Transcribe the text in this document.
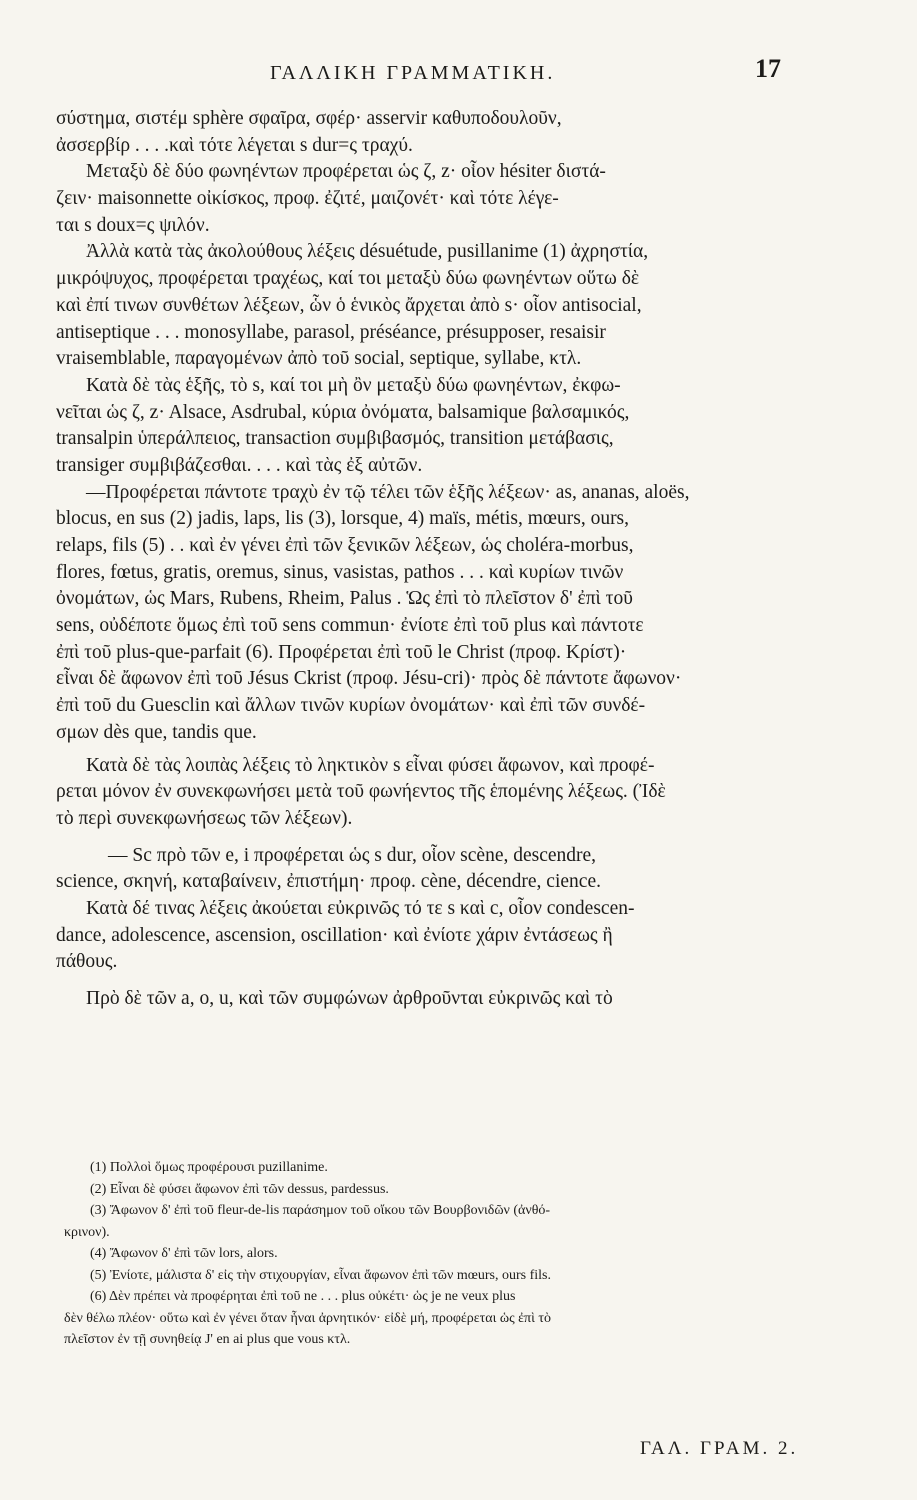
ΓΑΛΛΙΚΗ ΓΡΑΜΜΑΤΙΚΗ.	17
σύστημα, σιστέμ sphère σφαῖρα, σφέρ· asservir καθυποδουλοῦν,
ἀσσερβίρ . . . .καὶ τότε λέγεται s dur=ς τραχύ.
Μεταξὺ δὲ δύο φωνηέντων προφέρεται ὡς ζ, z· οἷον hésiter διστά-
ζειν· maisonnette οἰκίσκος, προφ. ἐζιτέ, μαιζονέτ· καὶ τότε λέγε-
ται s doux=ς ψιλόν.
Ἀλλὰ κατὰ τὰς ἀκολούθους λέξεις désuétude, pusillanime (1) ἀχρηστία,
μικρόψυχος, προφέρεται τραχέως, καί τοι μεταξὺ δύω φωνηέντων οὕτω δὲ
καὶ ἐπί τινων συνθέτων λέξεων, ὧν ὁ ἑνικὸς ἄρχεται ἀπὸ s· οἷον antisocial,
antiseptique . . . monosyllabe, parasol, préséance, présupposer, resaisir
vraisemblable, παραγομένων ἀπὸ τοῦ social, septique, syllabe, κτλ.
Κατὰ δὲ τὰς ἑξῆς, τὸ s, καί τοι μὴ ὂν μεταξὺ δύω φωνηέντων, ἐκφω-
νεῖται ὡς ζ, z· Alsace, Asdrubal, κύρια ὀνόματα, balsamique βαλσαμικός,
transalpin ὑπεράλπειος, transaction συμβιβασμός, transition μετάβασις,
transiger συμβιβάζεσθαι. . . . καὶ τὰς ἐξ αὐτῶν.
—Προφέρεται πάντοτε τραχὺ ἐν τῷ τέλει τῶν ἑξῆς λέξεων· as, ananas, aloës,
blocus, en sus (2) jadis, laps, lis (3), lorsque, 4) maïs, métis, mœurs, ours,
relaps, fils (5) . . καὶ ἐν γένει ἐπὶ τῶν ξενικῶν λέξεων, ὡς choléra-morbus,
flores, fœtus, gratis, oremus, sinus, vasistas, pathos . . . καὶ κυρίων τινῶν
ὀνομάτων, ὡς Mars, Rubens, Rheim, Palus . Ὡς ἐπὶ τὸ πλεῖστον δ' ἐπὶ τοῦ
sens, οὐδέποτε ὅμως ἐπὶ τοῦ sens commun· ἐνίοτε ἐπὶ τοῦ plus καὶ πάντοτε
ἐπὶ τοῦ plus-que-parfait (6). Προφέρεται ἐπὶ τοῦ le Christ (προφ. Κρίστ)·
εἶναι δὲ ἄφωνον ἐπὶ τοῦ Jésus Ckrist (προφ. Jésu-cri)· πρὸς δὲ πάντοτε ἄφωνον·
ἐπὶ τοῦ du Guesclin καὶ ἄλλων τινῶν κυρίων ὀνομάτων· καὶ ἐπὶ τῶν συνδέ-
σμων dès que, tandis que.
Κατὰ δὲ τὰς λοιπὰς λέξεις τὸ ληκτικὸν s εἶναι φύσει ἄφωνον, καὶ προφέ-
ρεται μόνον ἐν συνεκφωνήσει μετὰ τοῦ φωνήεντος τῆς ἑπομένης λέξεως. (Ἰδὲ
τὸ περὶ συνεκφωνήσεως τῶν λέξεων).
— Sc πρὸ τῶν e, i προφέρεται ὡς s dur, οἷον scène, descendre,
science, σκηνή, καταβαίνειν, ἐπιστήμη· προφ. cène, décendre, cience.
Κατὰ δέ τινας λέξεις ἀκούεται εὐκρινῶς τό τε s καὶ c, οἷον condescen-
dance, adolescence, ascension, oscillation· καὶ ἐνίοτε χάριν ἐντάσεως ἢ
πάθους.
Πρὸ δὲ τῶν a, o, u, καὶ τῶν συμφώνων ἀρθροῦνται εὐκρινῶς καὶ τὸ
(1) Πολλοὶ ὅμως προφέρουσι puzillanime.
(2) Εἶναι δὲ φύσει ἄφωνον ἐπὶ τῶν dessus, pardessus.
(3) Ἄφωνον δ' ἐπὶ τοῦ fleur-de-lis παράσημον τοῦ οἴκου τῶν Βουρβονιδῶν (ἀνθό-
κρινον).
(4) Ἄφωνον δ' ἐπὶ τῶν lors, alors.
(5) Ἐνίοτε, μάλιστα δ' εἰς τὴν στιχουργίαν, εἶναι ἄφωνον ἐπὶ τῶν mœurs, ours fils.
(6) Δὲν πρέπει νὰ προφέρηται ἐπὶ τοῦ ne . . . plus οὐκέτι· ὡς je ne veux plus
δὲν θέλω πλέον· οὕτω καὶ ἐν γένει ὅταν ἦναι ἀρνητικόν· εἰδὲ μή, προφέρεται ὡς ἐπὶ τὸ
πλεῖστον ἐν τῇ συνηθείᾳ J' en ai plus que vous κτλ.
ΓΑΛ. ΓΡΑΜ. 2.
